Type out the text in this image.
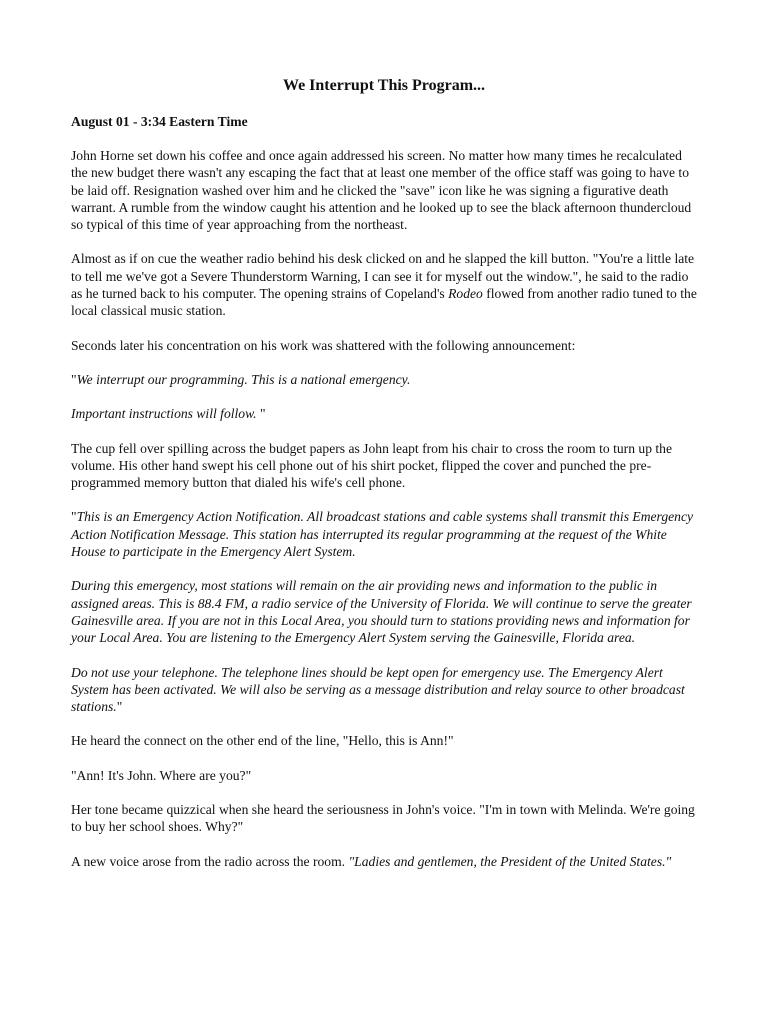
We Interrupt This Program...
August 01 - 3:34 Eastern Time

John Horne set down his coffee and once again addressed his screen. No matter how many times he recalculated the new budget there wasn't any escaping the fact that at least one member of the office staff was going to have to be laid off. Resignation washed over him and he clicked the "save" icon like he was signing a figurative death warrant. A rumble from the window caught his attention and he looked up to see the black afternoon thundercloud so typical of this time of year approaching from the northeast.

Almost as if on cue the weather radio behind his desk clicked on and he slapped the kill button. "You're a little late to tell me we've got a Severe Thunderstorm Warning, I can see it for myself out the window.", he said to the radio as he turned back to his computer. The opening strains of Copeland's Rodeo flowed from another radio tuned to the local classical music station.

Seconds later his concentration on his work was shattered with the following announcement:

"We interrupt our programming. This is a national emergency.

Important instructions will follow. "

The cup fell over spilling across the budget papers as John leapt from his chair to cross the room to turn up the volume. His other hand swept his cell phone out of his shirt pocket, flipped the cover and punched the pre-programmed memory button that dialed his wife's cell phone.

"This is an Emergency Action Notification. All broadcast stations and cable systems shall transmit this Emergency Action Notification Message. This station has interrupted its regular programming at the request of the White House to participate in the Emergency Alert System.

During this emergency, most stations will remain on the air providing news and information to the public in assigned areas. This is 88.4 FM, a radio service of the University of Florida. We will continue to serve the greater Gainesville area. If you are not in this Local Area, you should turn to stations providing news and information for your Local Area. You are listening to the Emergency Alert System serving the Gainesville, Florida area.

Do not use your telephone. The telephone lines should be kept open for emergency use. The Emergency Alert System has been activated. We will also be serving as a message distribution and relay source to other broadcast stations."

He heard the connect on the other end of the line, "Hello, this is Ann!"

"Ann! It's John. Where are you?"

Her tone became quizzical when she heard the seriousness in John's voice. "I'm in town with Melinda. We're going to buy her school shoes. Why?"

A new voice arose from the radio across the room. "Ladies and gentlemen, the President of the United States."
